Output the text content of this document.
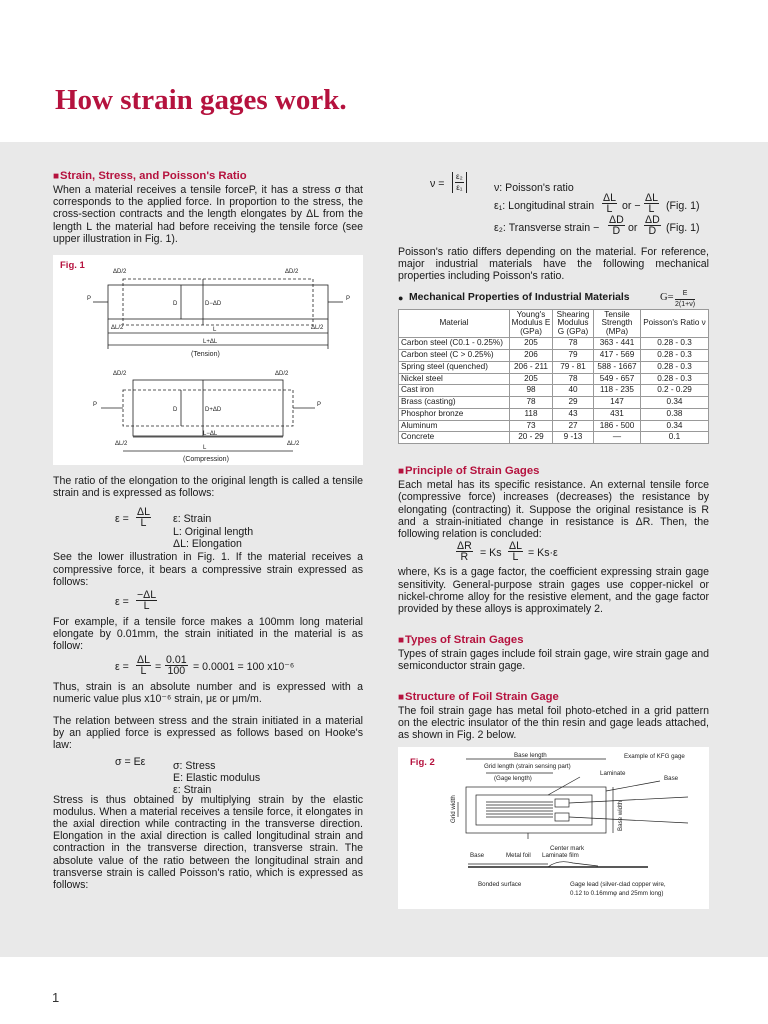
How strain gages work.
■Strain, Stress, and Poisson's Ratio

When a material receives a tensile forceP, it has a stress σ that corresponds to the applied force. In proportion to the stress, the cross-section contracts and the length elongates by ΔL from the length L the material had before receiving the tensile force (see upper illustration in Fig. 1).

Fig. 1
P	P
D	D−ΔD
ΔD/2	ΔD/2
ΔL/2	ΔL/2
L
L+ΔL
(Tension)
P	P
D	D+ΔD
ΔD/2	ΔD/2
ΔL/2	ΔL/2
L−ΔL
L
(Compression)

The ratio of the elongation to the original length is called a tensile strain and is expressed as follows:

$\varepsilon = \frac{\Delta L}{L} \varepsilon$: Strain
L: Original length
ΔL: Elongation

See the lower illustration in Fig. 1. If the material receives a compressive force, it bears a compressive strain expressed as follows:

$\varepsilon = \frac{-\Delta L}{L}$

For example, if a tensile force makes a 100mm long material elongate by 0.01mm, the strain initiated in the material is as follow:

$\varepsilon = \frac{\Delta L}{L} = \frac{0.01}{100} = 0.0001 = 100$ x10⁻⁶

Thus, strain is an absolute number and is expressed with a numeric value plus x10⁻⁶ strain, με or μm/m.

The relation between stress and the strain initiated in a material by an applied force is expressed as follows based on Hooke's law:

σ = Eε	σ: Stress
E: Elastic modulus
ε: Strain

Stress is thus obtained by multiplying strain by the elastic modulus. When a material receives a tensile force, it elongates in the axial direction while contracting in the transverse direction. Elongation in the axial direction is called longitudinal strain and contraction in the transverse direction, transverse strain. The absolute value of the ratio between the longitudinal strain and transverse strain is called Poisson's ratio, which is expressed as follows:

$\nu = \frac{\text{ε₂}}{\text{ε₁}}$	ν: Poisson's ratio
ε₁: Longitudinal strain $\frac{\Delta L}{L}$ or − $\frac{\Delta L}{L} (Fig$. 1)
ε₂: Transverse strain − $\frac{\Delta D}{D}$ or $\frac{\Delta D}{D} (Fig$. 1)

Poisson's ratio differs depending on the material. For reference, major industrial materials have the following mechanical properties including Poisson's ratio.

● Mechanical Properties of Industrial Materials	$G= \frac{E}{2(1+\nu)}$
Material	Young's Modulus E (GPa)	Shearing Modulus G (GPa)	Tensile Strength (MPa)	Poisson's Ratio ν
Carbon steel (C0.1 - 0.25%)	205	78	363 - 441	0.28 - 0.3
Carbon steel (C > 0.25%)	206	79	417 - 569	0.28 - 0.3
Spring steel (quenched)	206 - 211	79 - 81	588 - 1667	0.28 - 0.3
Nickel steel	205	78	549 - 657	0.28 - 0.3
Cast iron	98	40	118 - 235	0.2 - 0.29
Brass (casting)	78	29	147	0.34
Phosphor bronze	118	43	431	0.38
Aluminum	73	27	186 - 500	0.34
Concrete	20 - 29	9 -13	—	0.1
■Principle of Strain Gages

Each metal has its specific resistance. An external tensile force (compressive force) increases (decreases) the resistance by elongating (contracting) it. Suppose the original resistance is R and a strain-initiated change in resistance is ΔR. Then, the following relation is concluded:

$\frac{\Delta R}{R} = Ks \frac{\Delta L}{L} = Ks\cdot\varepsilon$

where, Ks is a gage factor, the coefficient expressing strain gage sensitivity. General-purpose strain gages use copper-nickel or nickel-chrome alloy for the resistive element, and the gage factor provided by these alloys is approximately 2.

■Types of Strain Gages

Types of strain gages include foil strain gage, wire strain gage and semiconductor strain gage.

■Structure of Foil Strain Gage

The foil strain gage has metal foil photo-etched in a grid pattern on the electric insulator of the thin resin and gage leads attached, as shown in Fig. 2 below.

Fig. 2
Example of KFG gage
Base length
Grid length (strain sensing part)
(Gage length)
Laminate
Base
Grid width	Base width
Center mark
Base	Metal foil Laminate film
Bonded surface	Gage lead (silver-clad copper wire,
0.12 to 0.16mmφ and 25mm long)
1
